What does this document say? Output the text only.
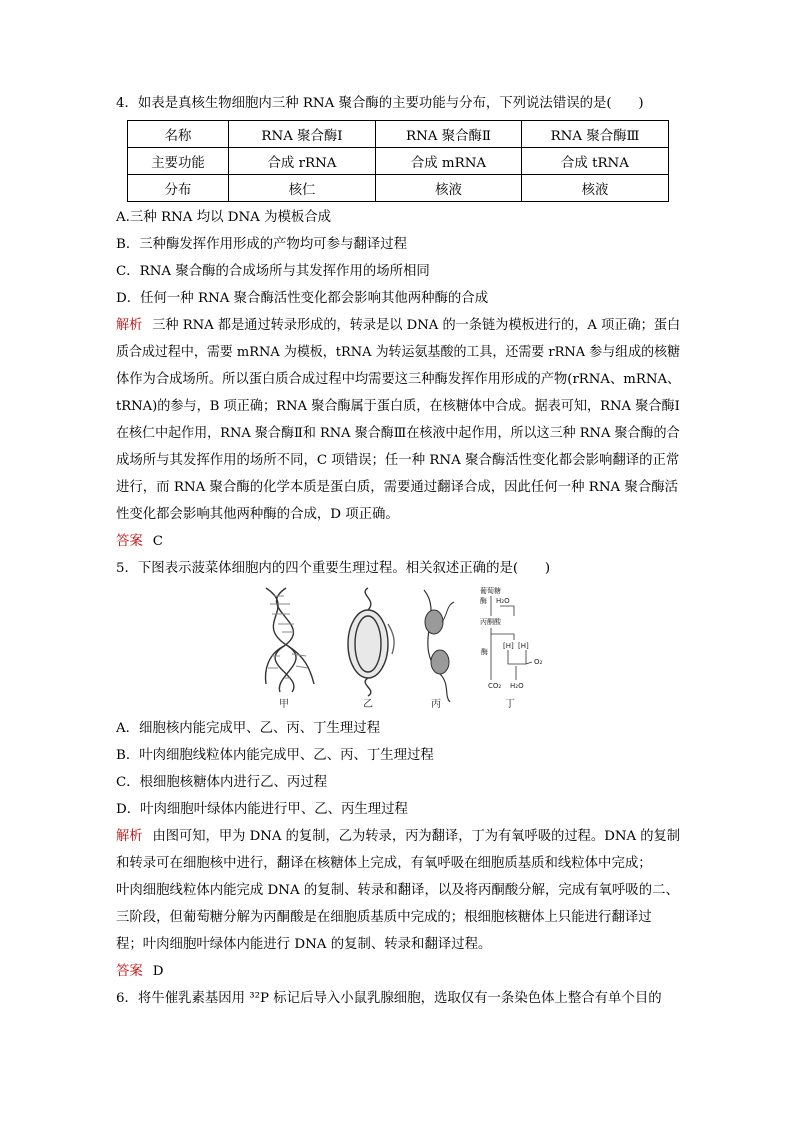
4．如表是真核生物细胞内三种 RNA 聚合酶的主要功能与分布，下列说法错误的是(　　)
名称	RNA 聚合酶Ⅰ	RNA 聚合酶Ⅱ	RNA 聚合酶Ⅲ
主要功能	合成 rRNA	合成 mRNA	合成 tRNA
分布	核仁	核液	核液
A.三种 RNA 均以 DNA 为模板合成
B．三种酶发挥作用形成的产物均可参与翻译过程
C．RNA 聚合酶的合成场所与其发挥作用的场所相同
D．任何一种 RNA 聚合酶活性变化都会影响其他两种酶的合成
解析 三种 RNA 都是通过转录形成的，转录是以 DNA 的一条链为模板进行的，A 项正确；蛋白
质合成过程中，需要 mRNA 为模板，tRNA 为转运氨基酸的工具，还需要 rRNA 参与组成的核糖
体作为合成场所。所以蛋白质合成过程中均需要这三种酶发挥作用形成的产物(rRNA、mRNA、
tRNA)的参与，B 项正确；RNA 聚合酶属于蛋白质，在核糖体中合成。据表可知，RNA 聚合酶Ⅰ
在核仁中起作用，RNA 聚合酶Ⅱ和 RNA 聚合酶Ⅲ在核液中起作用，所以这三种 RNA 聚合酶的合
成场所与其发挥作用的场所不同，C 项错误；任一种 RNA 聚合酶活性变化都会影响翻译的正常
进行，而 RNA 聚合酶的化学本质是蛋白质，需要通过翻译合成，因此任何一种 RNA 聚合酶活
性变化都会影响其他两种酶的合成，D 项正确。
答案 C
5．下图表示菠菜体细胞内的四个重要生理过程。相关叙述正确的是(　　)
葡萄糖
酶 H₂O
丙酮酸
酶
[H] [H]
O₂
CO₂ H₂O
甲	乙	丙	丁
A．细胞核内能完成甲、乙、丙、丁生理过程
B．叶肉细胞线粒体内能完成甲、乙、丙、丁生理过程
C．根细胞核糖体内进行乙、丙过程
D．叶肉细胞叶绿体内能进行甲、乙、丙生理过程
解析 由图可知，甲为 DNA 的复制，乙为转录，丙为翻译，丁为有氧呼吸的过程。DNA 的复制
和转录可在细胞核中进行，翻译在核糖体上完成，有氧呼吸在细胞质基质和线粒体中完成；
叶肉细胞线粒体内能完成 DNA 的复制、转录和翻译，以及将丙酮酸分解，完成有氧呼吸的二、
三阶段，但葡萄糖分解为丙酮酸是在细胞质基质中完成的；根细胞核糖体上只能进行翻译过
程；叶肉细胞叶绿体内能进行 DNA 的复制、转录和翻译过程。
答案 D
6．将牛催乳素基因用 ³²P 标记后导入小鼠乳腺细胞，选取仅有一条染色体上整合有单个目的
